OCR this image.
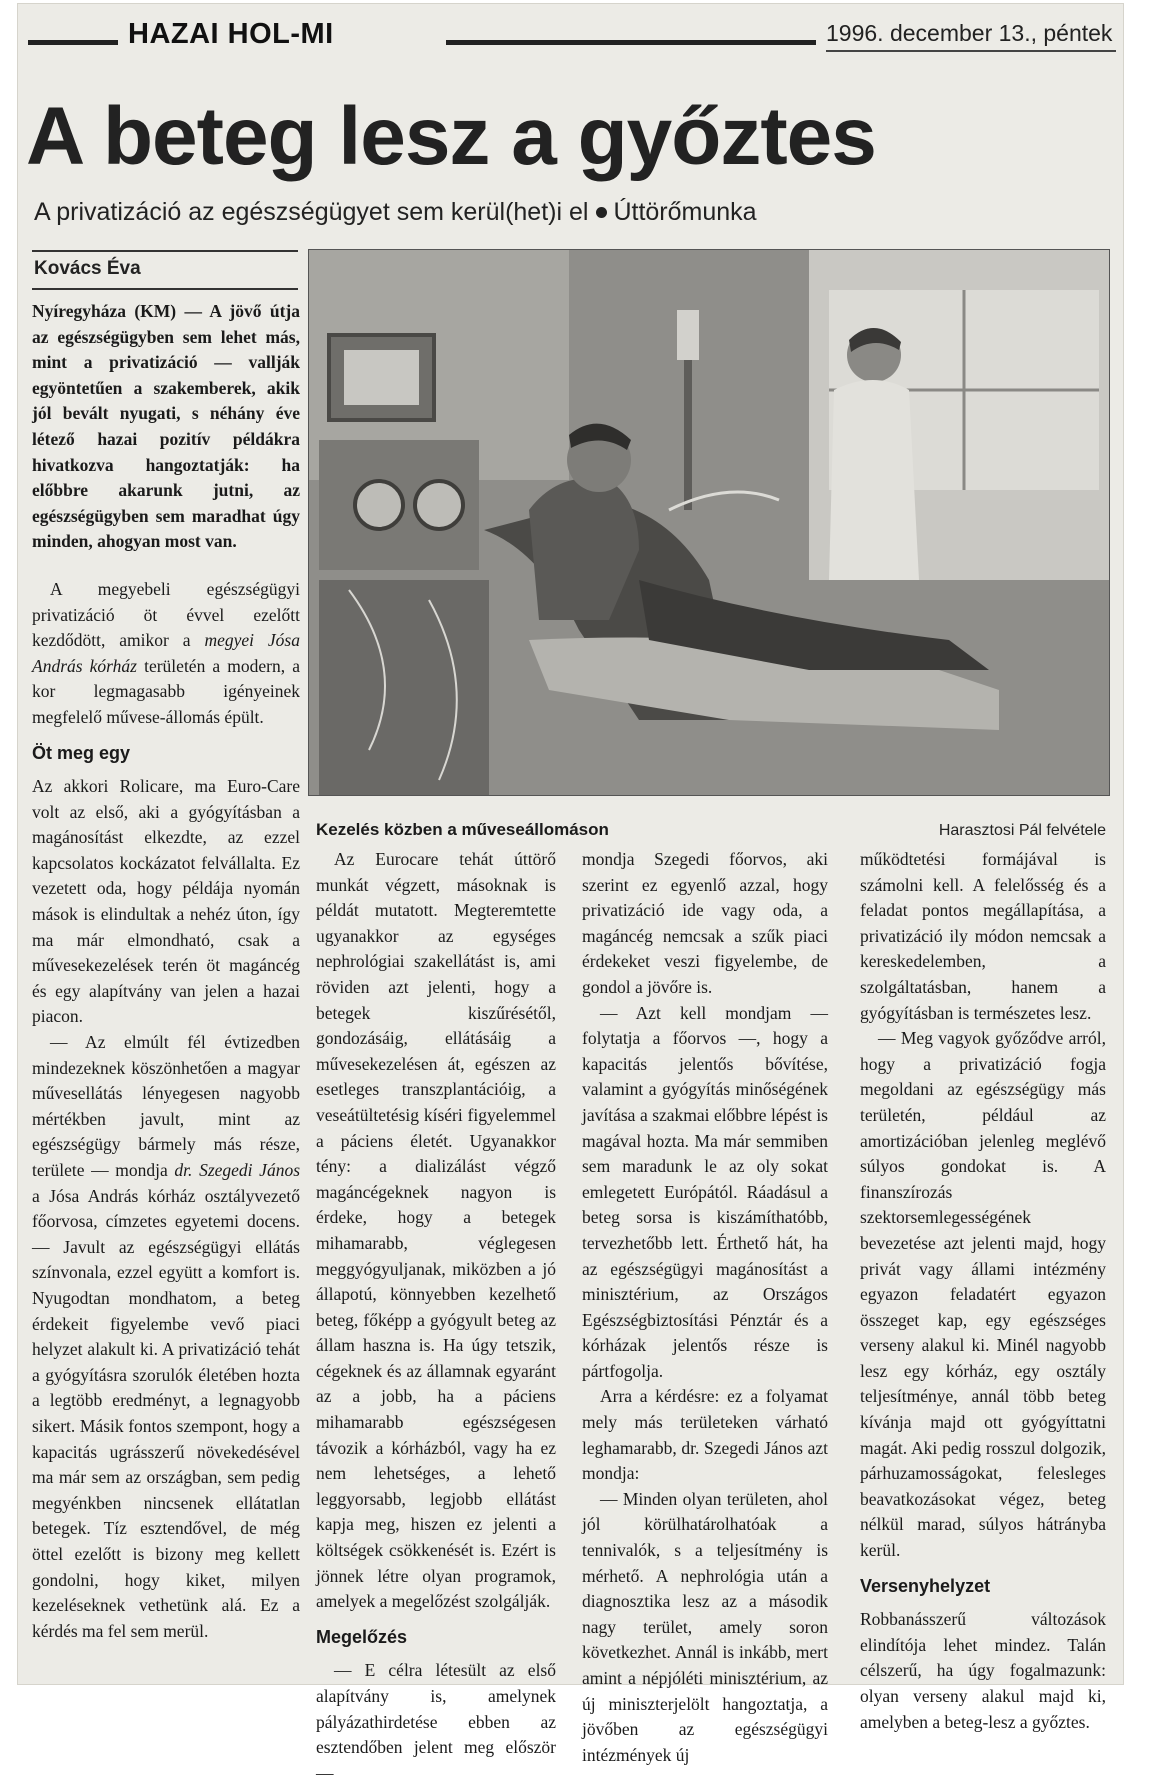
HAZAI HOL-MI	1996. december 13., péntek
A beteg lesz a győztes
A privatizáció az egészségügyet sem kerül(het)i el Úttörőmunka
Kovács Éva

Nyíregyháza (KM) — A jövő útja az egészségügyben sem lehet más, mint a privatizáció — vallják egyöntetűen a szakemberek, akik jól bevált nyugati, s néhány éve létező hazai pozitív példákra hivatkozva hangoztatják: ha előbbre akarunk jutni, az egészségügyben sem maradhat úgy minden, ahogyan most van.

A megyebeli egészségügyi privatizáció öt évvel ezelőtt kezdődött, amikor a megyei Jósa András kórház területén a modern, a kor legmagasabb igényeinek megfelelő művese-állomás épült.

Öt meg egy

Az akkori Rolicare, ma Euro-Care volt az első, aki a gyógyításban a magánosítást elkezdte, az ezzel kapcsolatos kockázatot felvállalta. Ez vezetett oda, hogy példája nyomán mások is elindultak a nehéz úton, így ma már elmondható, csak a művesekezelések terén öt magáncég és egy alapítvány van jelen a hazai piacon.

— Az elmúlt fél évtizedben mindezeknek köszönhetően a magyar művesellátás lényegesen nagyobb mértékben javult, mint az egészségügy bármely más része, területe — mondja dr. Szegedi János a Jósa András kórház osztályvezető főorvosa, címzetes egyetemi docens. — Javult az egészségügyi ellátás színvonala, ezzel együtt a komfort is. Nyugodtan mondhatom, a beteg érdekeit figyelembe vevő piaci helyzet alakult ki. A privatizáció tehát a gyógyításra szorulók életében hozta a legtöbb eredményt, a legnagyobb sikert. Másik fontos szempont, hogy a kapacitás ugrásszerű növekedésével ma már sem az országban, sem pedig megyénkben nincsenek ellátatlan betegek. Tíz esztendővel, de még öttel ezelőtt is bizony meg kellett gondolni, hogy kiket, milyen kezeléseknek vethetünk alá. Ez a kérdés ma fel sem merül.

Kezelés közben a műveseállomáson	Harasztosi Pál felvétele

Az Eurocare tehát úttörő munkát végzett, másoknak is példát mutatott. Megteremtette ugyanakkor az egységes nephrológiai szakellátást is, ami röviden azt jelenti, hogy a betegek kiszűrésétől, gondozásáig, ellátásáig a művesekezelésen át, egészen az esetleges transzplantációig, a veseátültetésig kíséri figyelemmel a páciens életét. Ugyanakkor tény: a dializálást végző magáncégeknek nagyon is érdeke, hogy a betegek mihamarabb, véglegesen meggyógyuljanak, miközben a jó állapotú, könnyebben kezelhető beteg, főképp a gyógyult beteg az állam haszna is. Ha úgy tetszik, cégeknek és az államnak egyaránt az a jobb, ha a páciens mihamarabb egészségesen távozik a kórházból, vagy ha ez nem lehetséges, a lehető leggyorsabb, legjobb ellátást kapja meg, hiszen ez jelenti a költségek csökkenését is. Ezért is jönnek létre olyan programok, amelyek a megelőzést szolgálják.

Megelőzés

— E célra létesült az első alapítvány is, amelynek pályázathirdetése ebben az esztendőben jelent meg először —

mondja Szegedi főorvos, aki szerint ez egyenlő azzal, hogy privatizáció ide vagy oda, a magáncég nemcsak a szűk piaci érdekeket veszi figyelembe, de gondol a jövőre is.

— Azt kell mondjam — folytatja a főorvos —, hogy a kapacitás jelentős bővítése, valamint a gyógyítás minőségének javítása a szakmai előbbre lépést is magával hozta. Ma már semmiben sem maradunk le az oly sokat emlegetett Európától. Ráadásul a beteg sorsa is kiszámíthatóbb, tervezhetőbb lett. Érthető hát, ha az egészségügyi magánosítást a minisztérium, az Országos Egészségbiztosítási Pénztár és a kórházak jelentős része is pártfogolja.

Arra a kérdésre: ez a folyamat mely más területeken várható leghamarabb, dr. Szegedi János azt mondja:

— Minden olyan területen, ahol jól körülhatárolhatóak a tennivalók, s a teljesítmény is mérhető. A nephrológia után a diagnosztika lesz az a második nagy terület, amely soron következhet. Annál is inkább, mert amint a népjóléti minisztérium, az új miniszterjelölt hangoztatja, a jövőben az egészségügyi intézmények új

működtetési formájával is számolni kell. A felelősség és a feladat pontos megállapítása, a privatizáció ily módon nemcsak a kereskedelemben, a szolgáltatásban, hanem a gyógyításban is természetes lesz.

— Meg vagyok győződve arról, hogy a privatizáció fogja megoldani az egészségügy más területén, például az amortizációban jelenleg meglévő súlyos gondokat is. A finanszírozás szektorsemlegességének bevezetése azt jelenti majd, hogy privát vagy állami intézmény egyazon feladatért egyazon összeget kap, egy egészséges verseny alakul ki. Minél nagyobb lesz egy kórház, egy osztály teljesítménye, annál több beteg kívánja majd ott gyógyíttatni magát. Aki pedig rosszul dolgozik, párhuzamosságokat, felesleges beavatkozásokat végez, beteg nélkül marad, súlyos hátrányba kerül.

Versenyhelyzet

Robbanásszerű változások elindítója lehet mindez. Talán célszerű, ha úgy fogalmazunk: olyan verseny alakul majd ki, amelyben a beteg-lesz a győztes.
